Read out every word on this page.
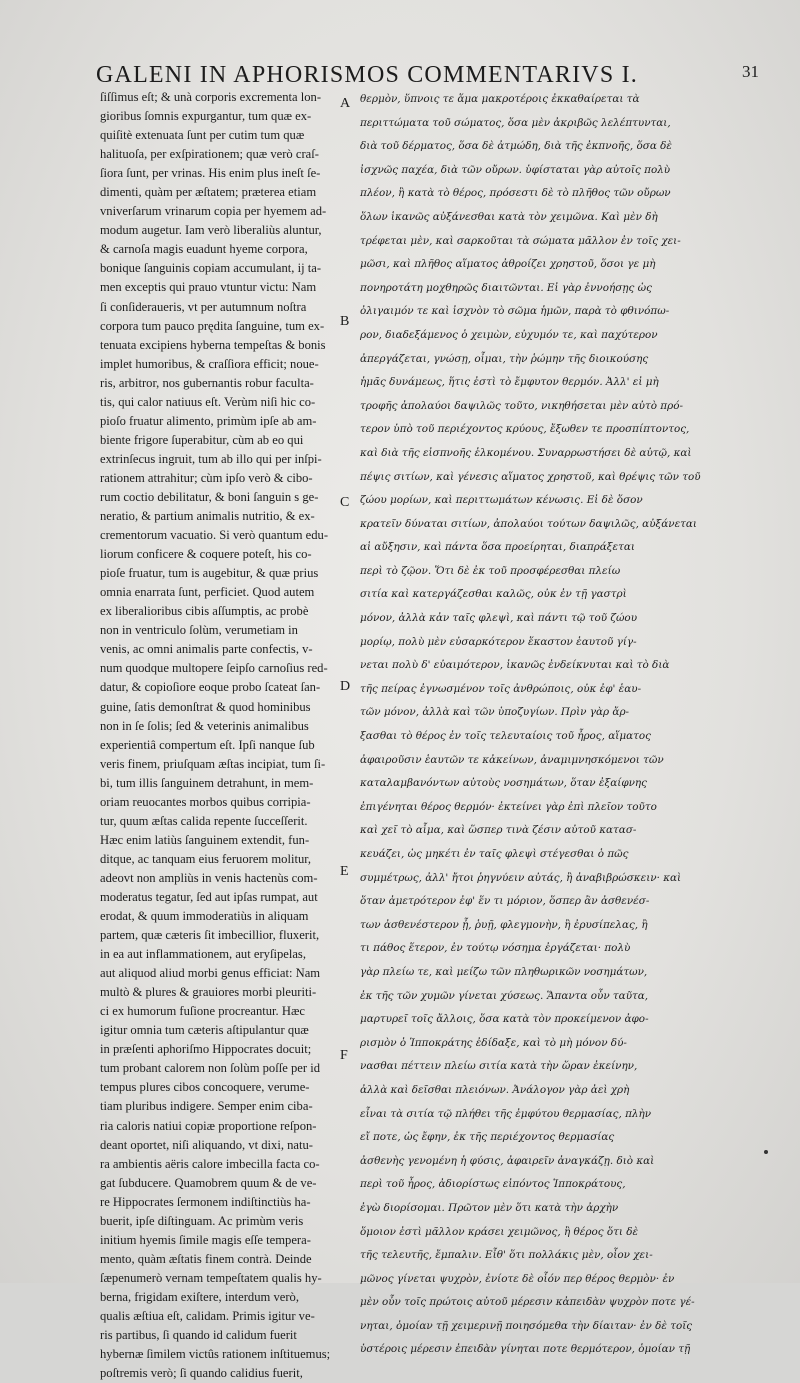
GALENI IN APHORISMOS COMMENTARIVS I.	31
ſiſſimus eſt; & unà corporis excrementa lon-
gioribus ſomnis expurgantur, tum quæ ex-
quiſitè extenuata ſunt per cutim tum quæ
halituoſa, per exſpirationem; quæ verò craſ-
ſiora ſunt, per vrinas. His enim plus ineſt ſe-
dimenti, quàm per æſtatem; præterea etiam
vniverſarum vrinarum copia per hyemem ad-
modum augetur. Iam verò liberaliùs aluntur,
& carnoſa magis euadunt hyeme corpora,
bonique ſanguinis copiam accumulant, ij ta-
men exceptis qui prauo vtuntur victu: Nam
ſi conſideraueris, vt per autumnum noſtra
corpora tum pauco prędita ſanguine, tum ex-
tenuata excipiens hyberna tempeſtas & bonis
implet humoribus, & craſſiora efficit; noue-
ris, arbitror, nos gubernantis robur faculta-
tis, qui calor natiuus eſt. Verùm niſi hic co-
pioſo fruatur alimento, primùm ipſe ab am-
biente frigore ſuperabitur, cùm ab eo qui
extrinſecus ingruit, tum ab illo qui per inſpi-
rationem attrahitur; cùm ipſo verò & cibo-
rum coctio debilitatur, & boni ſanguin s ge-
neratio, & partium animalis nutritio, & ex-
crementorum vacuatio. Si verò quantum edu-
liorum conficere & coquere poteſt, his co-
pioſe fruatur, tum is augebitur, & quæ prius
omnia enarrata ſunt, perficiet. Quod autem
ex liberalioribus cibis aſſumptis, ac probè
non in ventriculo ſolùm, verumetiam in
venis, ac omni animalis parte confectis, v-
num quodque multopere ſeipſo carnoſius red-
datur, & copioſiore eoque probo ſcateat ſan-
guine, ſatis demonſtrat & quod hominibus
non in ſe ſolis; ſed & veterinis animalibus
experientiâ compertum eſt. Ipſi nanque ſub
veris finem, priuſquam æſtas incipiat, tum ſi-
bi, tum illis ſanguinem detrahunt, in mem-
oriam reuocantes morbos quibus corripia-
tur, quum æſtas calida repente ſucceſſerit.
Hæc enim latiùs ſanguinem extendit, fun-
ditque, ac tanquam eius feruorem molitur,
adeovt non ampliùs in venis hactenùs com-
moderatus tegatur, ſed aut ipſas rumpat, aut
erodat, & quum immoderatiùs in aliquam
partem, quæ cæteris ſit imbecillior, fluxerit,
in ea aut inflammationem, aut eryſipelas,
aut aliquod aliud morbi genus efficiat: Nam
multò & plures & grauiores morbi pleuriti-
ci ex humorum fuſione procreantur. Hæc
igitur omnia tum cæteris aſtipulantur quæ
in præſenti aphoriſmo Hippocrates docuit;
tum probant calorem non ſolùm poſſe per id
tempus plures cibos concoquere, verume-
tiam pluribus indigere. Semper enim ciba-
ria caloris natiui copiæ proportione reſpon-
deant oportet, niſi aliquando, vt dixi, natu-
ra ambientis aëris calore imbecilla facta co-
gat ſubducere. Quamobrem quum & de ve-
re Hippocrates ſermonem indiſtinctiùs ha-
buerit, ipſe diſtinguam. Ac primùm veris
initium hyemis ſimile magis eſſe tempera-
mento, quàm æſtatis finem contrà. Deinde
ſæpenumerò vernam tempeſtatem qualis hy-
berna, frigidam exiſtere, interdum verò,
qualis æſtiua eſt, calidam. Primis igitur ve-
ris partibus, ſi quando id calidum fuerit
hybernæ ſimilem victûs rationem inſtituemus;
poſtremis verò; ſi quando calidius fuerit,
A
B
C
D
E
F
θερμὸν, ὕπνοις τε ἅμα μακροτέροις ἐκκαθαίρεται τὰ
περιττώματα τοῦ σώματος, ὅσα μὲν ἀκριβῶς λελέπτυνται,
διὰ τοῦ δέρματος, ὅσα δὲ ἀτμώδη, διὰ τῆς ἐκπνοῆς, ὅσα δὲ
ἰσχνῶς παχέα, διὰ τῶν οὔρων. ὑφίσταται γὰρ αὐτοῖς πολὺ
πλέον, ἢ κατὰ τὸ θέρος, πρόσεστι δὲ τὸ πλῆθος τῶν οὔρων
ὅλων ἱκανῶς αὐξάνεσθαι κατὰ τὸν χειμῶνα. Καὶ μὲν δὴ
τρέφεται μὲν, καὶ σαρκοῦται τὰ σώματα μᾶλλον ἐν τοῖς χει-
μῶσι, καὶ πλῆθος αἵματος ἀθροίζει χρηστοῦ, ὅσοι γε μὴ
πονηροτάτη μοχθηρῶς διαιτῶνται. Εἰ γὰρ ἐννοήσῃς ὡς
ὀλιγαιμόν τε καὶ ἰσχνὸν τὸ σῶμα ἡμῶν, παρὰ τὸ φθινόπω-
ρον, διαδεξάμενος ὁ χειμὼν, εὐχυμόν τε, καὶ παχύτερον
ἀπεργάζεται, γνώσῃ, οἶμαι, τὴν ῥώμην τῆς διοικούσης
ἡμᾶς δυνάμεως, ἥτις ἐστὶ τὸ ἔμφυτον θερμόν. Ἀλλ' εἰ μὴ
τροφῆς ἀπολαύοι δαψιλῶς τοῦτο, νικηθήσεται μὲν αὐτὸ πρό-
τερον ὑπὸ τοῦ περιέχοντος κρύους, ἔξωθεν τε προσπίπτοντος,
καὶ διὰ τῆς εἰσπνοῆς ἑλκομένου. Συναρρωστήσει δὲ αὐτῷ, καὶ
πέψις σιτίων, καὶ γένεσις αἵματος χρηστοῦ, καὶ θρέψις τῶν τοῦ
ζώου μορίων, καὶ περιττωμάτων κένωσις. Εἰ δὲ ὅσον
κρατεῖν δύναται σιτίων, ἀπολαύοι τούτων δαψιλῶς, αὐξάνεται
αἱ αὔξησιν, καὶ πάντα ὅσα προείρηται, διαπράξεται
περὶ τὸ ζῷον. Ὅτι δὲ ἐκ τοῦ προσφέρεσθαι πλείω
σιτία καὶ κατεργάζεσθαι καλῶς, οὐκ ἐν τῇ γαστρὶ
μόνον, ἀλλὰ κἀν ταῖς φλεψὶ, καὶ πάντι τῷ τοῦ ζώου
μορίῳ, πολὺ μὲν εὐσαρκότερον ἕκαστον ἑαυτοῦ γίγ-
νεται πολὺ δ' εὐαιμότερον, ἱκανῶς ἐνδείκνυται καὶ τὸ διὰ
τῆς πείρας ἐγνωσμένον τοῖς ἀνθρώποις, οὐκ ἐφ' ἑαυ-
τῶν μόνον, ἀλλὰ καὶ τῶν ὑποζυγίων. Πρὶν γὰρ ἄρ-
ξασθαι τὸ θέρος ἐν τοῖς τελευταίοις τοῦ ἦρος, αἵματος
ἀφαιροῦσιν ἑαυτῶν τε κἀκείνων, ἀναμιμνησκόμενοι τῶν
καταλαμβανόντων αὐτοὺς νοσημάτων, ὅταν ἐξαίφνης
ἐπιγένηται θέρος θερμόν· ἐκτείνει γὰρ ἐπὶ πλεῖον τοῦτο
καὶ χεῖ τὸ αἷμα, καὶ ὥσπερ τινὰ ζέσιν αὐτοῦ κατασ-
κευάζει, ὡς μηκέτι ἐν ταῖς φλεψὶ στέγεσθαι ὁ πῶς
συμμέτρως, ἀλλ' ἤτοι ῥηγνύειν αὐτάς, ἢ ἀναβιβρώσκειν· καὶ
ὅταν ἀμετρότερον ἐφ' ἕν τι μόριον, ὅσπερ ἂν ἀσθενέσ-
των ἀσθενέστερον ᾖ, ῥυῇ, φλεγμονὴν, ἢ ἐρυσίπελας, ἢ
τι πάθος ἕτερον, ἐν τούτῳ νόσημα ἐργάζεται· πολὺ
γὰρ πλείω τε, καὶ μείζω τῶν πληθωρικῶν νοσημάτων,
ἐκ τῆς τῶν χυμῶν γίνεται χύσεως. Ἅπαντα οὖν ταῦτα,
μαρτυρεῖ τοῖς ἄλλοις, ὅσα κατὰ τὸν προκείμενον ἀφο-
ρισμὸν ὁ Ἱπποκράτης ἐδίδαξε, καὶ τὸ μὴ μόνον δύ-
νασθαι πέττειν πλείω σιτία κατὰ τὴν ὥραν ἐκείνην,
ἀλλὰ καὶ δεῖσθαι πλειόνων. Ἀνάλογον γὰρ ἀεὶ χρὴ
εἶναι τὰ σιτία τῷ πλήθει τῆς ἐμφύτου θερμασίας, πλὴν
εἴ ποτε, ὡς ἔφην, ἐκ τῆς περιέχοντος θερμασίας
ἀσθενὴς γενομένη ἡ φύσις, ἀφαιρεῖν ἀναγκάζῃ. διὸ καὶ
περὶ τοῦ ἦρος, ἀδιορίστως εἰπόντος Ἱπποκράτους,
ἐγὼ διορίσομαι. Πρῶτον μὲν ὅτι κατὰ τὴν ἀρχὴν
ὅμοιον ἐστὶ μᾶλλον κράσει χειμῶνος, ἢ θέρος ὅτι δὲ
τῆς τελευτῆς, ἔμπαλιν. Εἶθ' ὅτι πολλάκις μὲν, οἷον χει-
μῶνος γίνεται ψυχρὸν, ἐνίοτε δὲ οἷόν περ θέρος θερμὸν· ἐν
μὲν οὖν τοῖς πρώτοις αὐτοῦ μέρεσιν κἀπειδὰν ψυχρὸν ποτε γέ-
νηται, ὁμοίαν τῇ χειμερινῇ ποιησόμεθα τὴν δίαιταν· ἐν δὲ τοῖς
ὑστέροις μέρεσιν ἐπειδὰν γίνηται ποτε θερμότερον, ὁμοίαν τῇ
